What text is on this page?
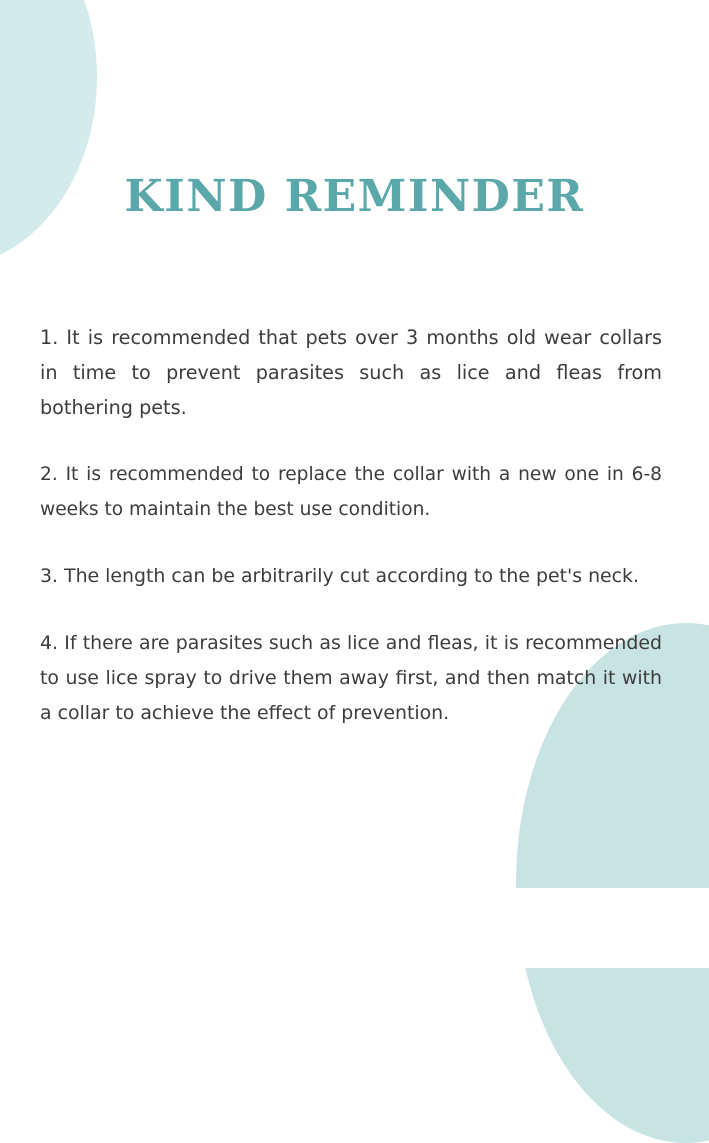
KIND REMINDER

1. It is recommended that pets over 3 months old wear collars in time to prevent parasites such as lice and fleas from bothering pets.

2. It is recommended to replace the collar with a new one in 6-8 weeks to maintain the best use condition.

3. The length can be arbitrarily cut according to the pet's neck.

4. If there are parasites such as lice and fleas, it is recommended to use lice spray to drive them away first, and then match it with a collar to achieve the effect of prevention.
